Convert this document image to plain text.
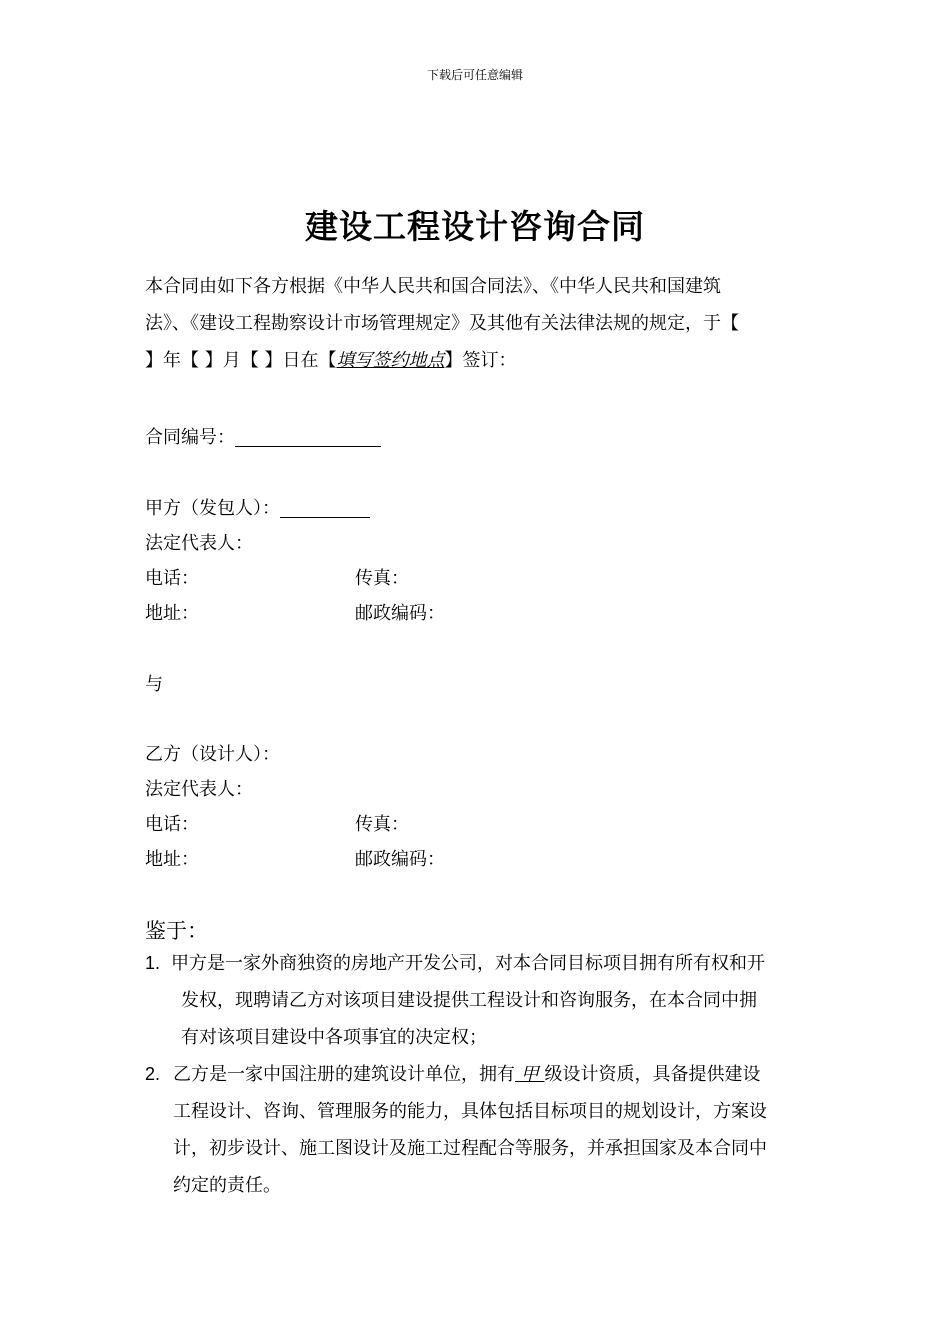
下载后可任意编辑
建设工程设计咨询合同
本合同由如下各方根据《中华人民共和国合同法》、《中华人民共和国建筑
法》、《建设工程勘察设计市场管理规定》及其他有关法律法规的规定，于【
】年【 】月【 】日在【填写签约地点】签订：
合同编号：
甲方（发包人）：
法定代表人：
电话：	传真：
地址：	邮政编码：
与
乙方（设计人）：
法定代表人：
电话：	传真：
地址：	邮政编码：
鉴于：
1. 甲方是一家外商独资的房地产开发公司，对本合同目标项目拥有所有权和开
发权，现聘请乙方对该项目建设提供工程设计和咨询服务，在本合同中拥
有对该项目建设中各项事宜的决定权；
2. 乙方是一家中国注册的建筑设计单位，拥有 甲 级设计资质，具备提供建设
工程设计、咨询、管理服务的能力，具体包括目标项目的规划设计，方案设
计，初步设计、施工图设计及施工过程配合等服务，并承担国家及本合同中
约定的责任。
